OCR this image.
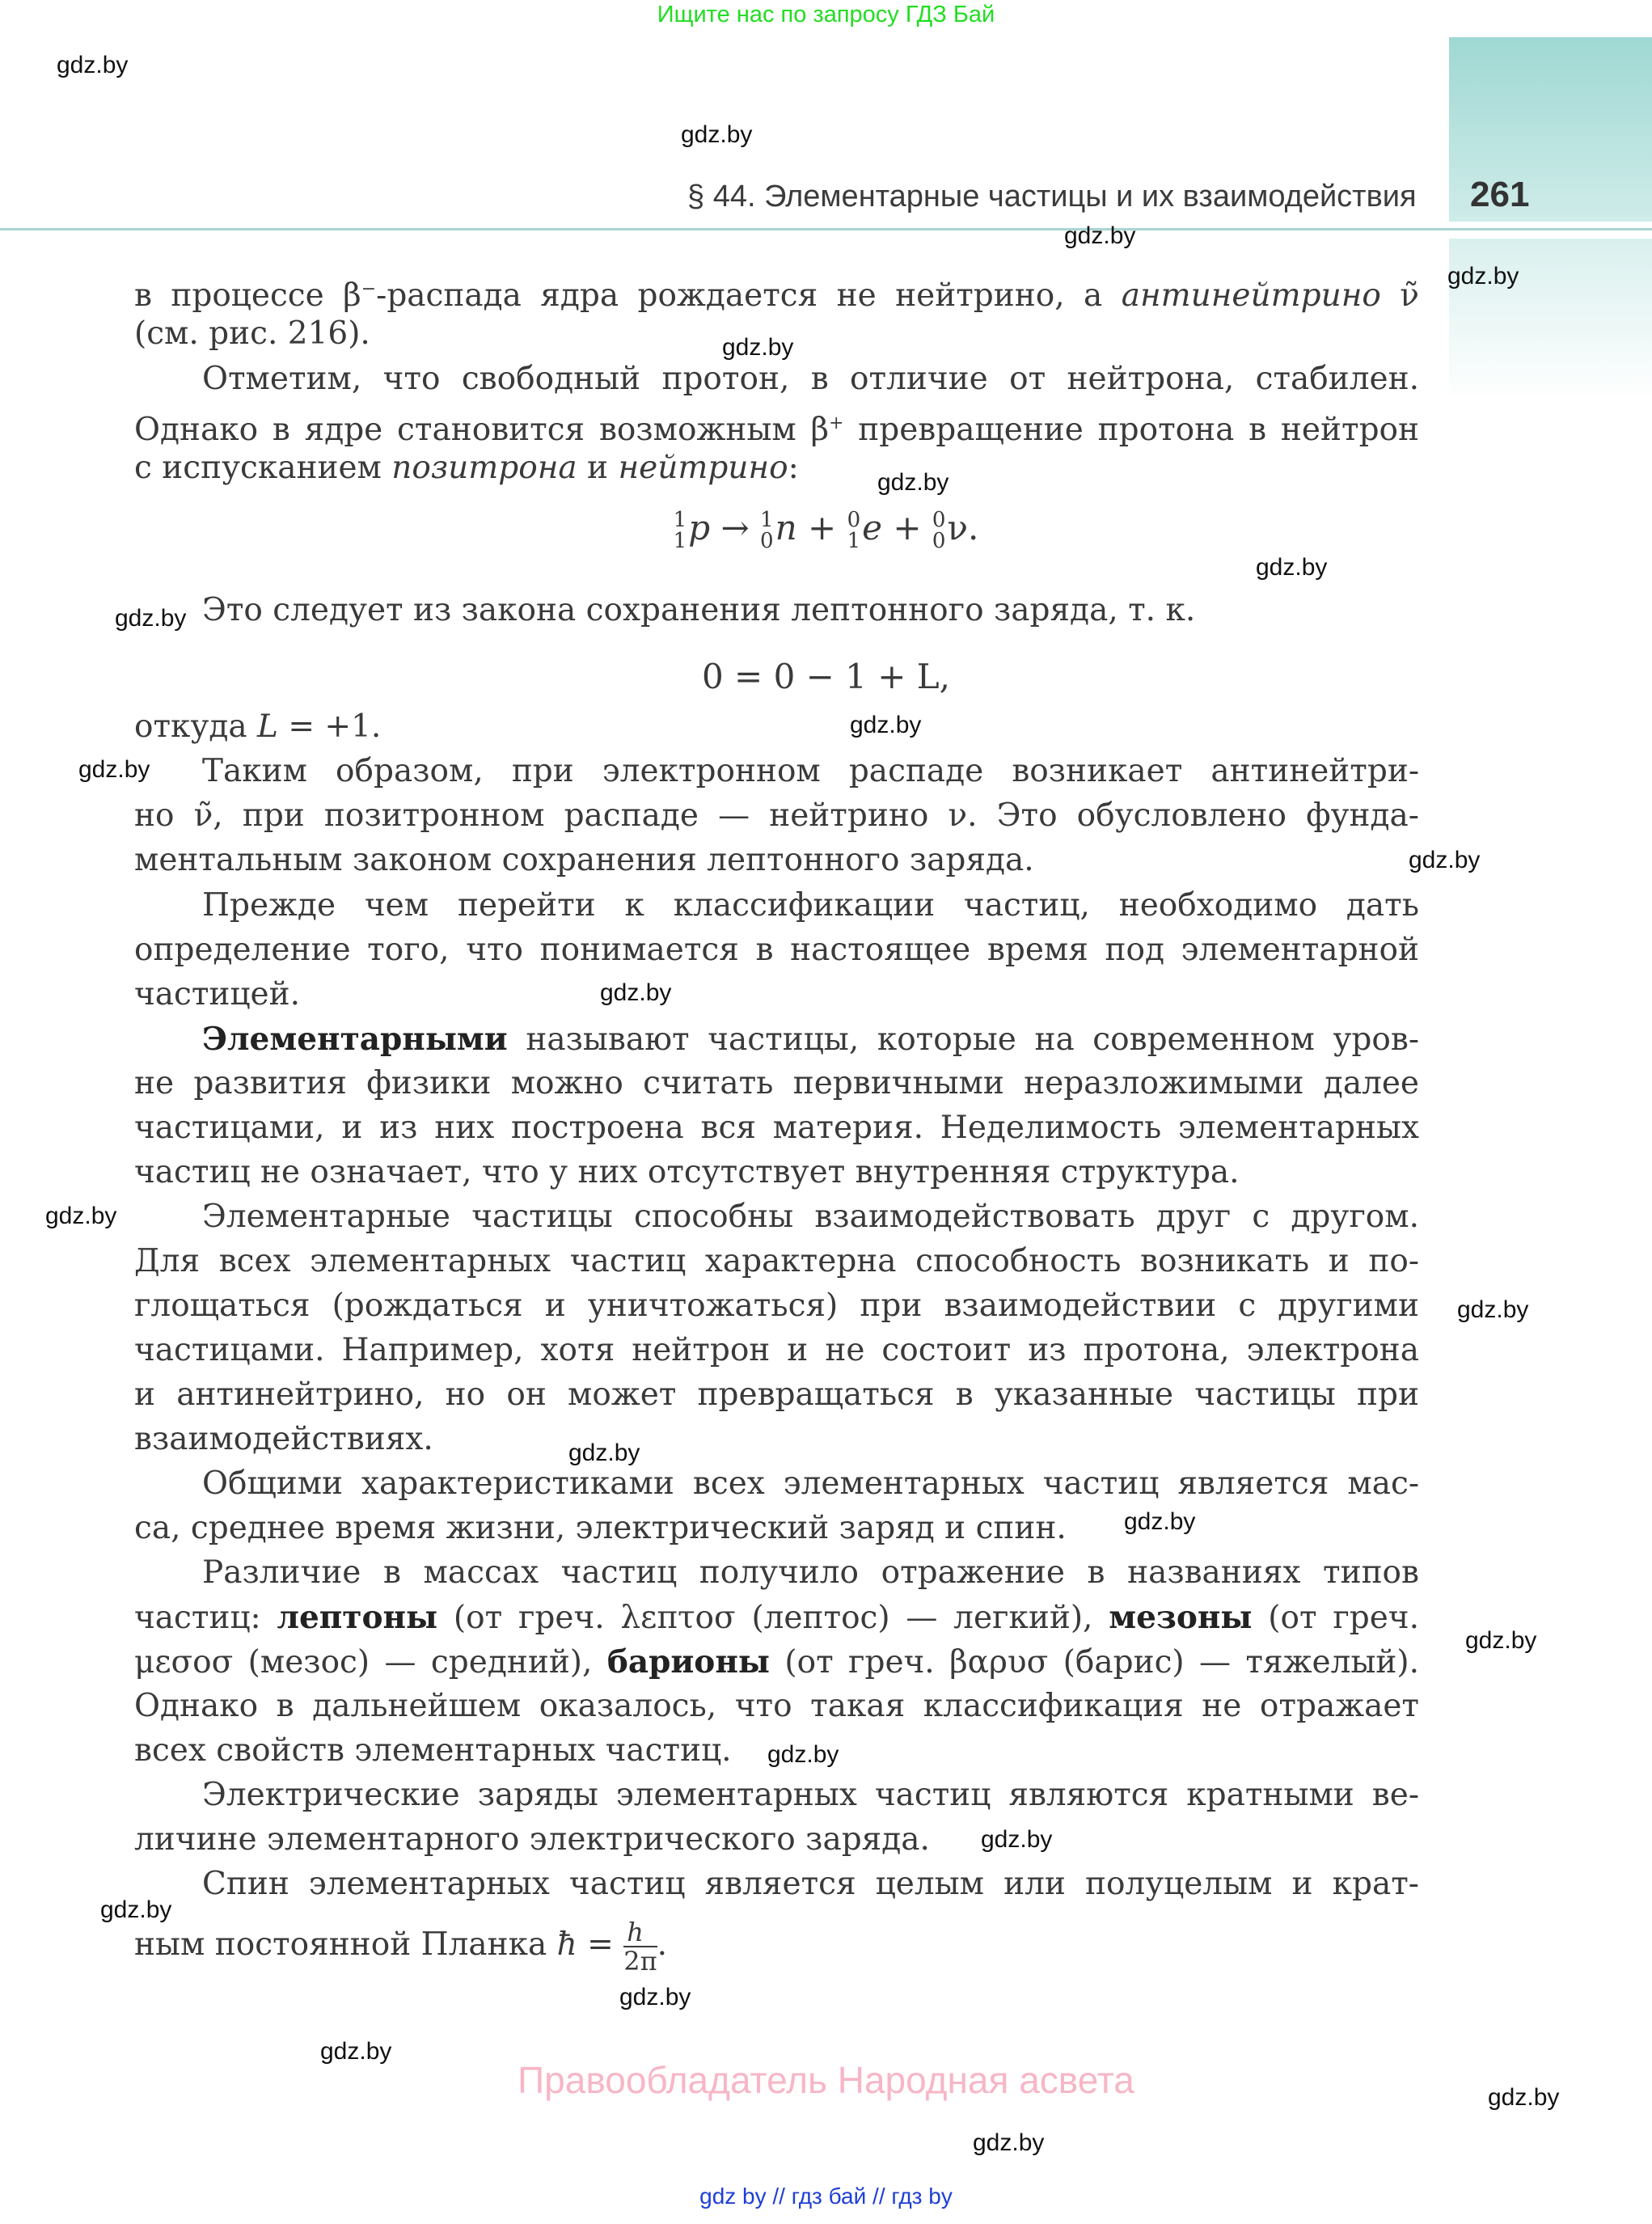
Ищите нас по запросу ГДЗ Бай
§ 44. Элементарные частицы и их взаимодействия 261
gdz.by
gdz.by
gdz.by
gdz.by
gdz.by
gdz.by
gdz.by
gdz.by
gdz.by
gdz.by
gdz.by
gdz.by
gdz.by
gdz.by
gdz.by
gdz.by
gdz.by
gdz.by
gdz.by
gdz.by
gdz.by
gdz.by
gdz.by
gdz.by
в процессе β−-распада ядра рождается не нейтрино, а антинейтрино ν̃
(см. рис. 216).
Отметим, что свободный протон, в отличие от нейтрона, стабилен.
Однако в ядре становится возможным β+ превращение протона в нейтрон
с испусканием позитрона и нейтрино:
1
1 p → 1
0 n + 0
1 e + 0
0 ν.
Это следует из закона сохранения лептонного заряда, т. к.
0 = 0 − 1 + L,
откуда L = +1.
Таким образом, при электронном распаде возникает антинейтри-
но ν̃, при позитронном распаде — нейтрино ν. Это обусловлено фунда-
ментальным законом сохранения лептонного заряда.
Прежде чем перейти к классификации частиц, необходимо дать
определение того, что понимается в настоящее время под элементарной
частицей.
Элементарными называют частицы, которые на современном уров-
не развития физики можно считать первичными неразложимыми далее
частицами, и из них построена вся материя. Неделимость элементарных
частиц не означает, что у них отсутствует внутренняя структура.
Элементарные частицы способны взаимодействовать друг с другом.
Для всех элементарных частиц характерна способность возникать и по-
глощаться (рождаться и уничтожаться) при взаимодействии с другими
частицами. Например, хотя нейтрон и не состоит из протона, электрона
и антинейтрино, но он может превращаться в указанные частицы при
взаимодействиях.
Общими характеристиками всех элементарных частиц является мас-
са, среднее время жизни, электрический заряд и спин.
Различие в массах частиц получило отражение в названиях типов
частиц: лептоны (от греч. λεπτοσ (лептос) — легкий), мезоны (от греч.
μεσοσ (мезос) — средний), барионы (от греч. βαρυσ (барис) — тяжелый).
Однако в дальнейшем оказалось, что такая классификация не отражает
всех свойств элементарных частиц.
Электрические заряды элементарных частиц являются кратными ве-
личине элементарного электрического заряда.
Спин элементарных частиц является целым или полуцелым и крат-
ным постоянной Планка ħ = $\frac{h}{2\pi}$ .
Правообладатель Народная асвета
gdz by // гдз бай // гдз by
